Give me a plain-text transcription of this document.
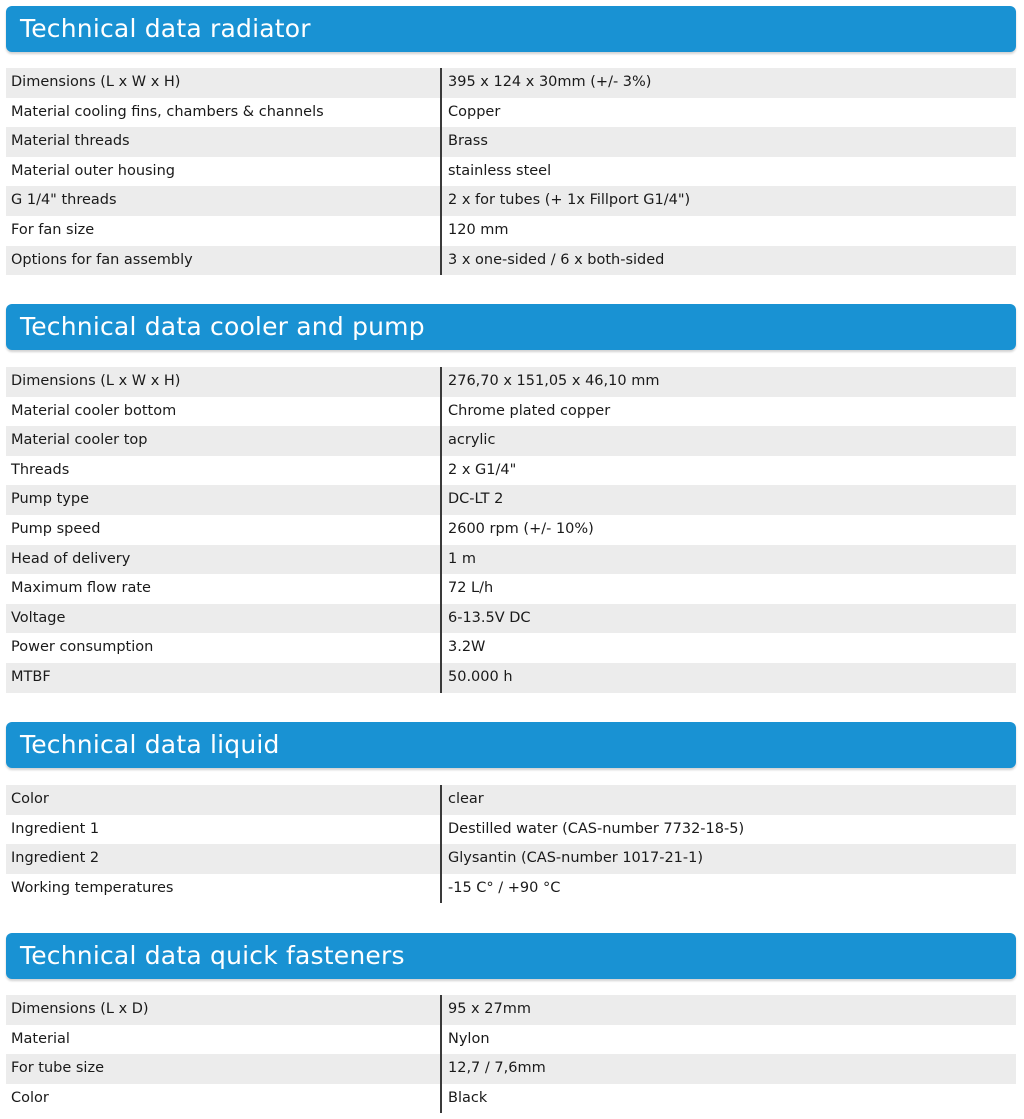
Technical data radiator
Dimensions (L x W x H)	395 x 124 x 30mm (+/- 3%)
Material cooling fins, chambers & channels	Copper
Material threads	Brass
Material outer housing	stainless steel
G 1/4" threads	2 x for tubes (+ 1x Fillport G1/4")
For fan size	120 mm
Options for fan assembly	3 x one-sided / 6 x both-sided
Technical data cooler and pump
Dimensions (L x W x H)	276,70 x 151,05 x 46,10 mm
Material cooler bottom	Chrome plated copper
Material cooler top	acrylic
Threads	2 x G1/4"
Pump type	DC-LT 2
Pump speed	2600 rpm (+/- 10%)
Head of delivery	1 m
Maximum flow rate	72 L/h
Voltage	6-13.5V DC
Power consumption	3.2W
MTBF	50.000 h
Technical data liquid
Color	clear
Ingredient 1	Destilled water (CAS-number 7732-18-5)
Ingredient 2	Glysantin (CAS-number 1017-21-1)
Working temperatures	-15 C° / +90 °C
Technical data quick fasteners
Dimensions (L x D)	95 x 27mm
Material	Nylon
For tube size	12,7 / 7,6mm
Color	Black
